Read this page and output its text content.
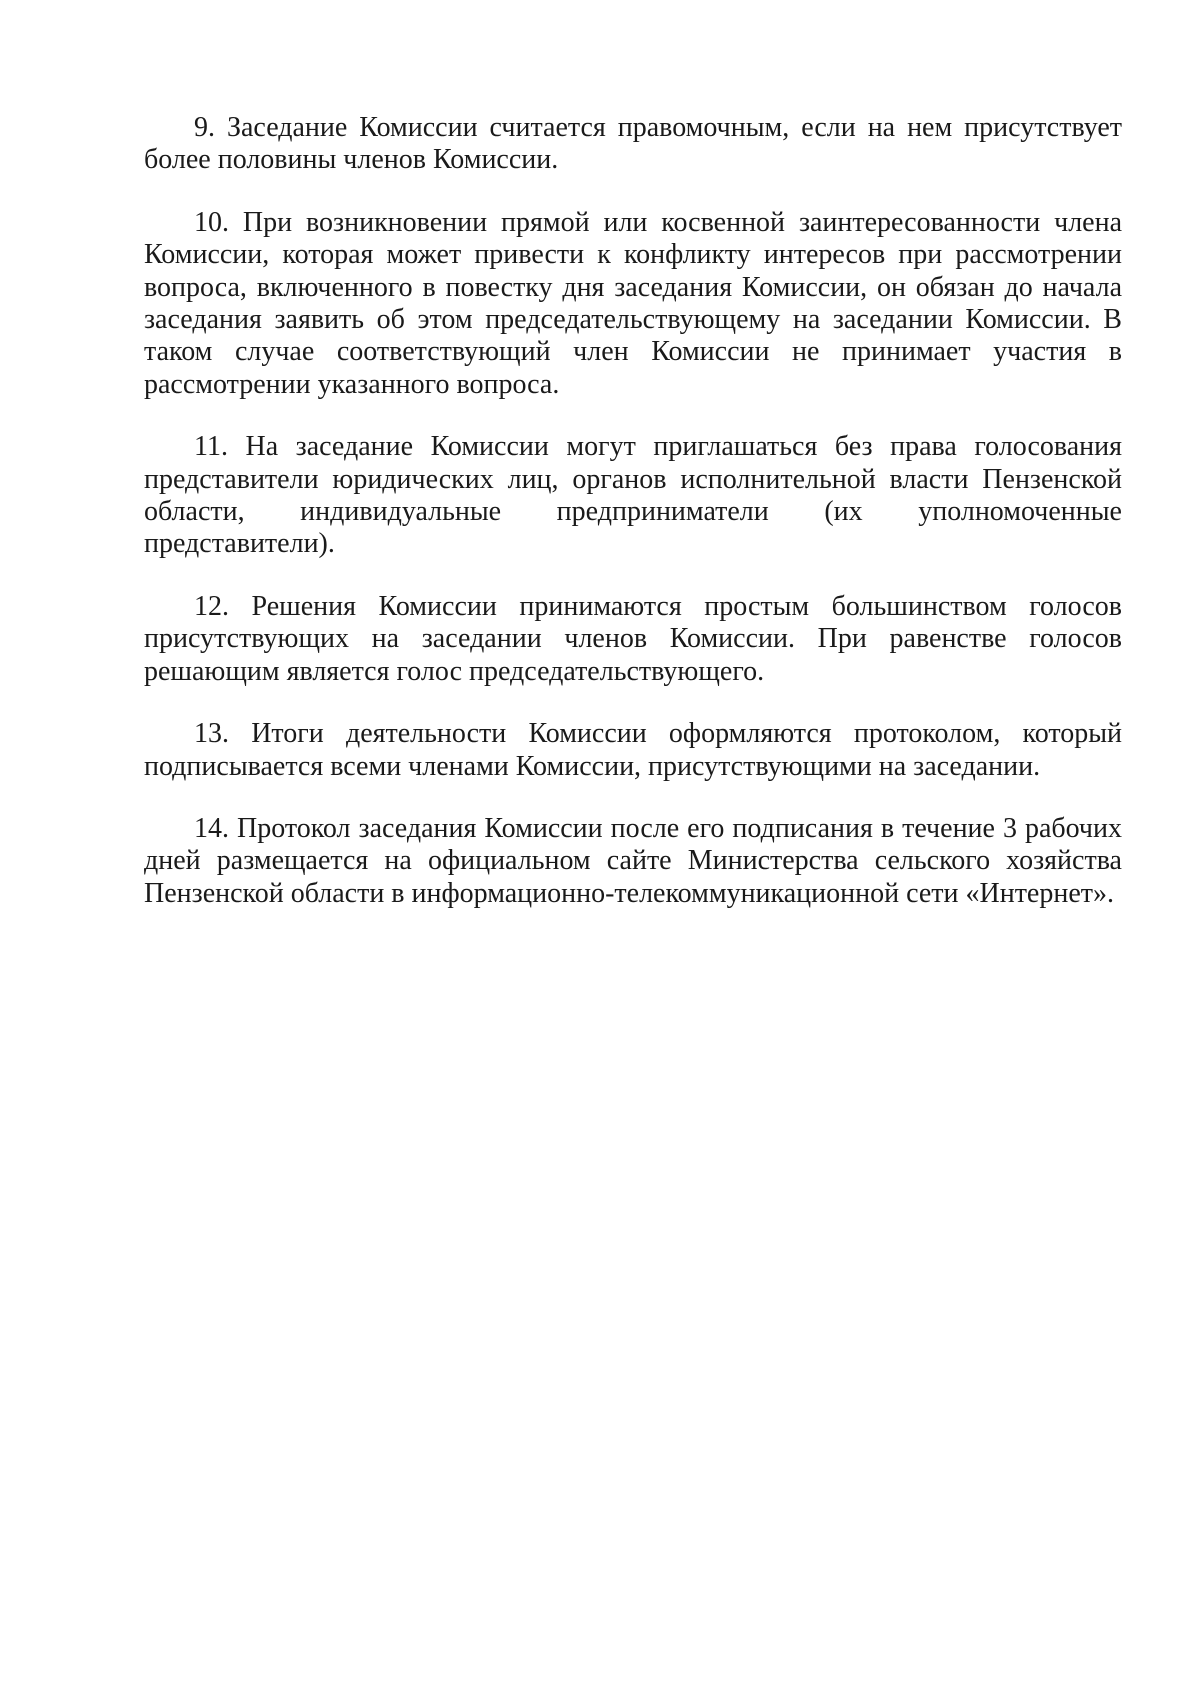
9. Заседание Комиссии считается правомочным, если на нем присутствует более половины членов Комиссии.

10. При возникновении прямой или косвенной заинтересованности члена Комиссии, которая может привести к конфликту интересов при рассмотрении вопроса, включенного в повестку дня заседания Комиссии, он обязан до начала заседания заявить об этом председательствующему на заседании Комиссии. В таком случае соответствующий член Комиссии не принимает участия в рассмотрении указанного вопроса.

11. На заседание Комиссии могут приглашаться без права голосования представители юридических лиц, органов исполнительной власти Пензенской области, индивидуальные предприниматели (их уполномоченные представители).

12. Решения Комиссии принимаются простым большинством голосов присутствующих на заседании членов Комиссии. При равенстве голосов решающим является голос председательствующего.

13. Итоги деятельности Комиссии оформляются протоколом, который подписывается всеми членами Комиссии, присутствующими на заседании.

14. Протокол заседания Комиссии после его подписания в течение 3 рабочих дней размещается на официальном сайте Министерства сельского хозяйства Пензенской области в информационно-телекоммуникационной сети «Интернет».
